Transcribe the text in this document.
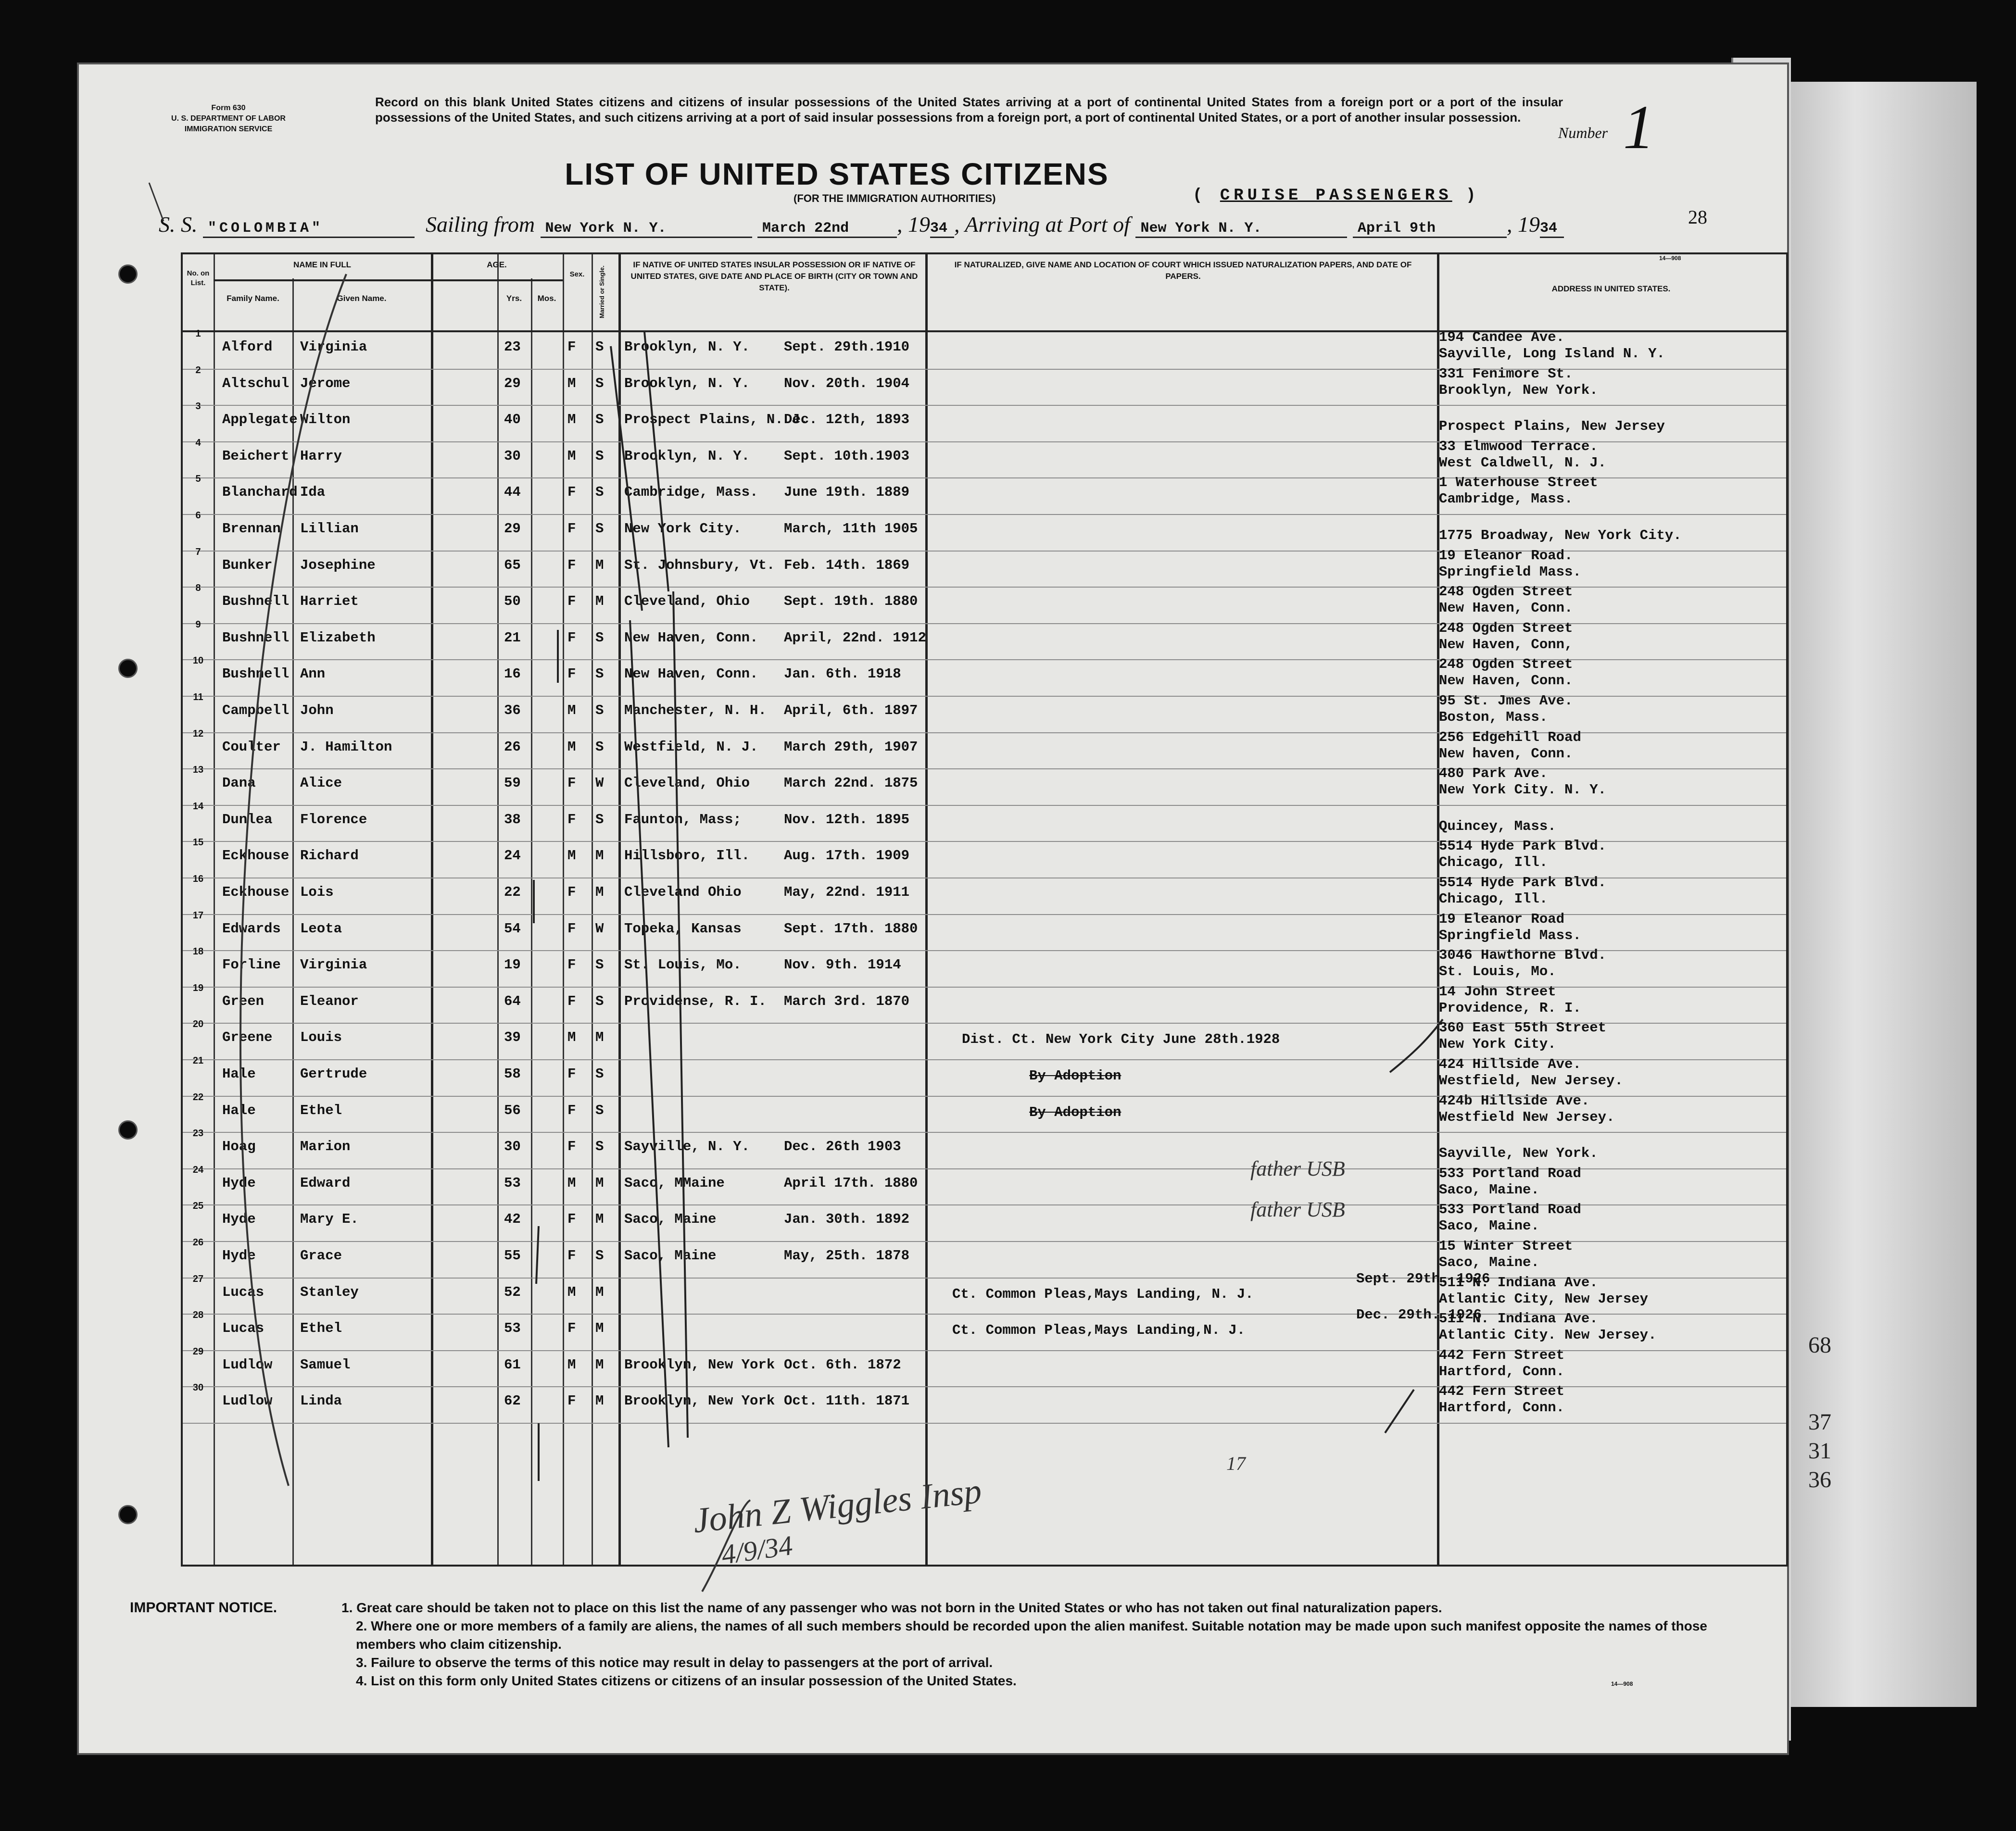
Form 630
U. S. DEPARTMENT OF LABOR
IMMIGRATION SERVICE
Record on this blank United States citizens and citizens of insular possessions of the United States arriving at a port of continental United States from a foreign port or a port of the insular possessions of the United States, and such citizens arriving at a port of said insular possessions from a foreign port, a port of continental United States, or a port of another insular possession.
Number 1
LIST OF UNITED STATES CITIZENS
(FOR THE IMMIGRATION AUTHORITIES)	( CRUISE PASSENGERS )
S. S. "COLOMBIA"	Sailing from New York N. Y.	March 22nd , 1934 , Arriving at Port of New York N. Y.	April 9th	, 1934
28
14—908
No. on List.
NAME IN FULL
Family Name.	Given Name.
AGE.
Yrs.	Mos.
Sex.	Married or Single.
IF NATIVE OF UNITED STATES INSULAR POSSESSION OR IF NATIVE OF UNITED STATES, GIVE DATE AND PLACE OF BIRTH (CITY OR TOWN AND STATE).
IF NATURALIZED, GIVE NAME AND LOCATION OF COURT WHICH ISSUED NATURALIZATION PAPERS, AND DATE OF PAPERS.
ADDRESS IN UNITED STATES.
1
Alford Virginia	23	F S Brooklyn, N. Y. Sept. 29th.1910
194 Candee Ave.
Sayville, Long Island N. Y.
2
Altschul Jerome	29	M S Brooklyn, N. Y. Nov. 20th. 1904
331 Fenimore St.
Brooklyn, New York.
3
Applegate Wilton	40	M S Prospect Plains, N. J.
Dec. 12th, 1893	Prospect Plains, New Jersey
4
Beichert Harry	30	M S Brooklyn, N. Y. Sept. 10th.1903
33 Elmwood Terrace.
West Caldwell, N. J.
5
Blanchard Ida	44	F S Cambridge, Mass. June 19th. 1889
1 Waterhouse Street
Cambridge, Mass.
6
Brennan Lillian	29	F S New York City.	March, 11th 1905	1775 Broadway, New York City.
7
Bunker Josephine	65	F M St. Johnsbury, Vt. Feb. 14th. 1869
19 Eleanor Road.
Springfield Mass.
8
Bushnell Harriet	50	F M Cleveland, Ohio Sept. 19th. 1880
248 Ogden Street
New Haven, Conn.
9
Bushnell Elizabeth	21	F S New Haven, Conn. April, 22nd. 1912
248 Ogden Street
New Haven, Conn,
10
Bushnell Ann	16	F S New Haven, Conn. Jan. 6th. 1918
248 Ogden Street
New Haven, Conn.
11
Campbell John	36	M S Manchester, N. H. April, 6th. 1897
95 St. Jmes Ave.
Boston, Mass.
12
Coulter J. Hamilton	26	M S Westfield, N. J. March 29th, 1907
256 Edgehill Road
New haven, Conn.
13
Dana	Alice	59	F W Cleveland, Ohio March 22nd. 1875
480 Park Ave.
New York City. N. Y.
14
Dunlea Florence	38	F S Faunton, Mass;	Nov. 12th. 1895	Quincey, Mass.
15
Eckhouse Richard	24	M M Hillsboro, Ill. Aug. 17th. 1909
5514 Hyde Park Blvd.
Chicago, Ill.
16
Eckhouse Lois	22	F M Cleveland Ohio	May, 22nd. 1911
5514 Hyde Park Blvd.
Chicago, Ill.
17
Edwards Leota	54	F W Topeka, Kansas	Sept. 17th. 1880
19 Eleanor Road
Springfield Mass.
18
Forline Virginia	19	F S St. Louis, Mo.	Nov. 9th. 1914
3046 Hawthorne Blvd.
St. Louis, Mo.
19
Green	Eleanor	64	F S Providense, R. I. March 3rd. 1870
14 John Street
Providence, R. I.
20
Greene Louis	39	M M	Dist. Ct. New York City June 28th.1928
360 East 55th Street
New York City.
21
Hale	Gertrude	58	F S	By Adoption
424 Hillside Ave.
Westfield, New Jersey.
22
Hale	Ethel	56	F S	By Adoption
424b Hillside Ave.
Westfield New Jersey.
23
Hoag	Marion	30	F S Sayville, N. Y. Dec. 26th 1903	Sayville, New York.
24
Hyde	Edward	53	M M Saco, MMaine	April 17th. 1880
533 Portland Road
Saco, Maine.
25
Hyde	Mary E.	42	F M Saco, Maine	Jan. 30th. 1892
533 Portland Road
Saco, Maine.
26
Hyde	Grace	55	F S Saco, Maine	May, 25th. 1878
15 Winter Street
Saco, Maine.
27
Lucas	Stanley	52	M M
Sept. 29th. 1926
Ct. Common Pleas,Mays Landing, N. J.
511 N. Indiana Ave.
Atlantic City, New Jersey
28
Lucas	Ethel	53	F M
Dec. 29th. 1926
Ct. Common Pleas,Mays Landing,N. J.
511 N. Indiana Ave.
Atlantic City. New Jersey.
29
Ludlow Samuel	61	M M Brooklyn, New York Oct. 6th. 1872
442 Fern Street
Hartford, Conn.
30
Ludlow Linda	62	F M Brooklyn, New York Oct. 11th. 1871
442 Fern Street
Hartford, Conn.
father USB
father USB
17
John Z Wiggles Insp
4/9/34
IMPORTANT NOTICE.	1. Great care should be taken not to place on this list the name of any passenger who was not born in the United States or who has not taken out final naturalization papers.
2. Where one or more members of a family are aliens, the names of all such members should be recorded upon the alien manifest. Suitable notation may be made upon such manifest opposite the names of those members who claim citizenship.
3. Failure to observe the terms of this notice may result in delay to passengers at the port of arrival.
4. List on this form only United States citizens or citizens of an insular possession of the United States.	14—908
68
37
31
36
